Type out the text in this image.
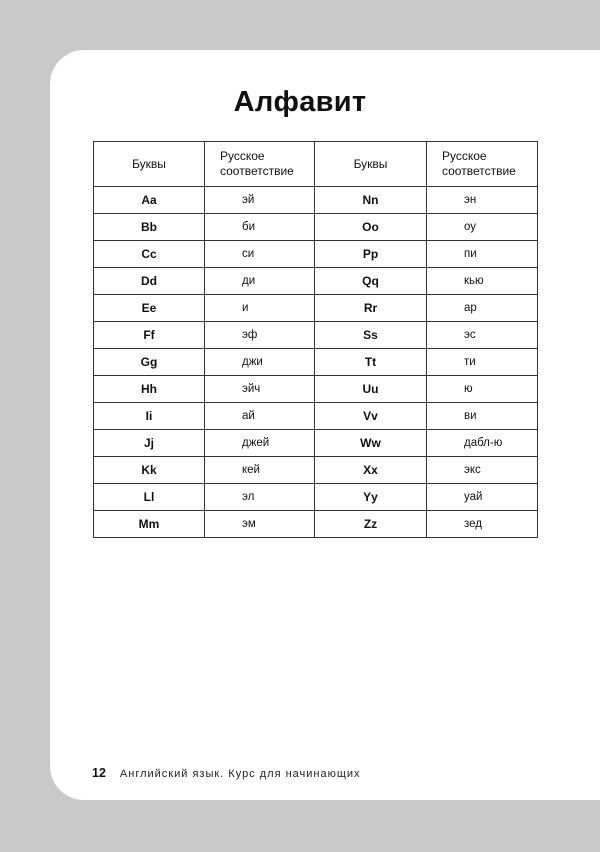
Алфавит
Буквы	Русское соответствие	Буквы	Русское соответствие
Aa	эй	Nn	эн
Bb	би	Oo	оу
Cc	си	Pp	пи
Dd	ди	Qq	кью
Ee	и	Rr	ар
Ff	эф	Ss	эс
Gg	джи	Tt	ти
Hh	эйч	Uu	ю
Ii	ай	Vv	ви
Jj	джей	Ww	дабл-ю
Kk	кей	Xx	экс
Ll	эл	Yy	уай
Mm	эм	Zz	зед
12 Английский язык. Курс для начинающих
